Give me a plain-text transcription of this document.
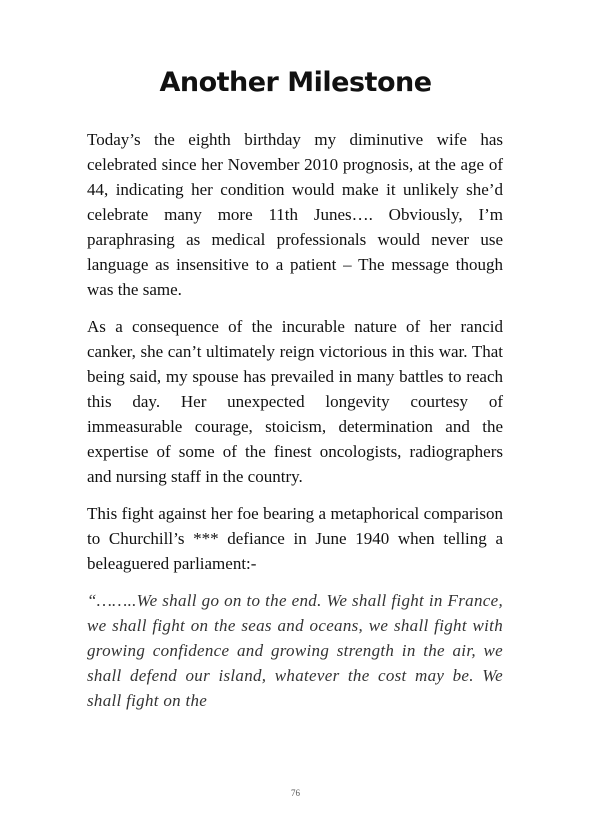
Another Milestone

Today’s the eighth birthday my diminutive wife has celebrated since her November 2010 prognosis, at the age of 44, indicating her condition would make it unlikely she’d celebrate many more 11th Junes…. Obviously, I’m paraphrasing as medical professionals would never use language as insensitive to a patient – The message though was the same.

As a consequence of the incurable nature of her rancid canker, she can’t ultimately reign victorious in this war. That being said, my spouse has prevailed in many battles to reach this day. Her unexpected longevity courtesy of immeasurable courage, stoicism, determination and the expertise of some of the finest oncologists, radiographers and nursing staff in the country.

This fight against her foe bearing a metaphorical comparison to Churchill’s *** defiance in June 1940 when telling a beleaguered parliament:-

“……..We shall go on to the end. We shall fight in France, we shall fight on the seas and oceans, we shall fight with growing confidence and growing strength in the air, we shall defend our island, whatever the cost may be. We shall fight on the

76
